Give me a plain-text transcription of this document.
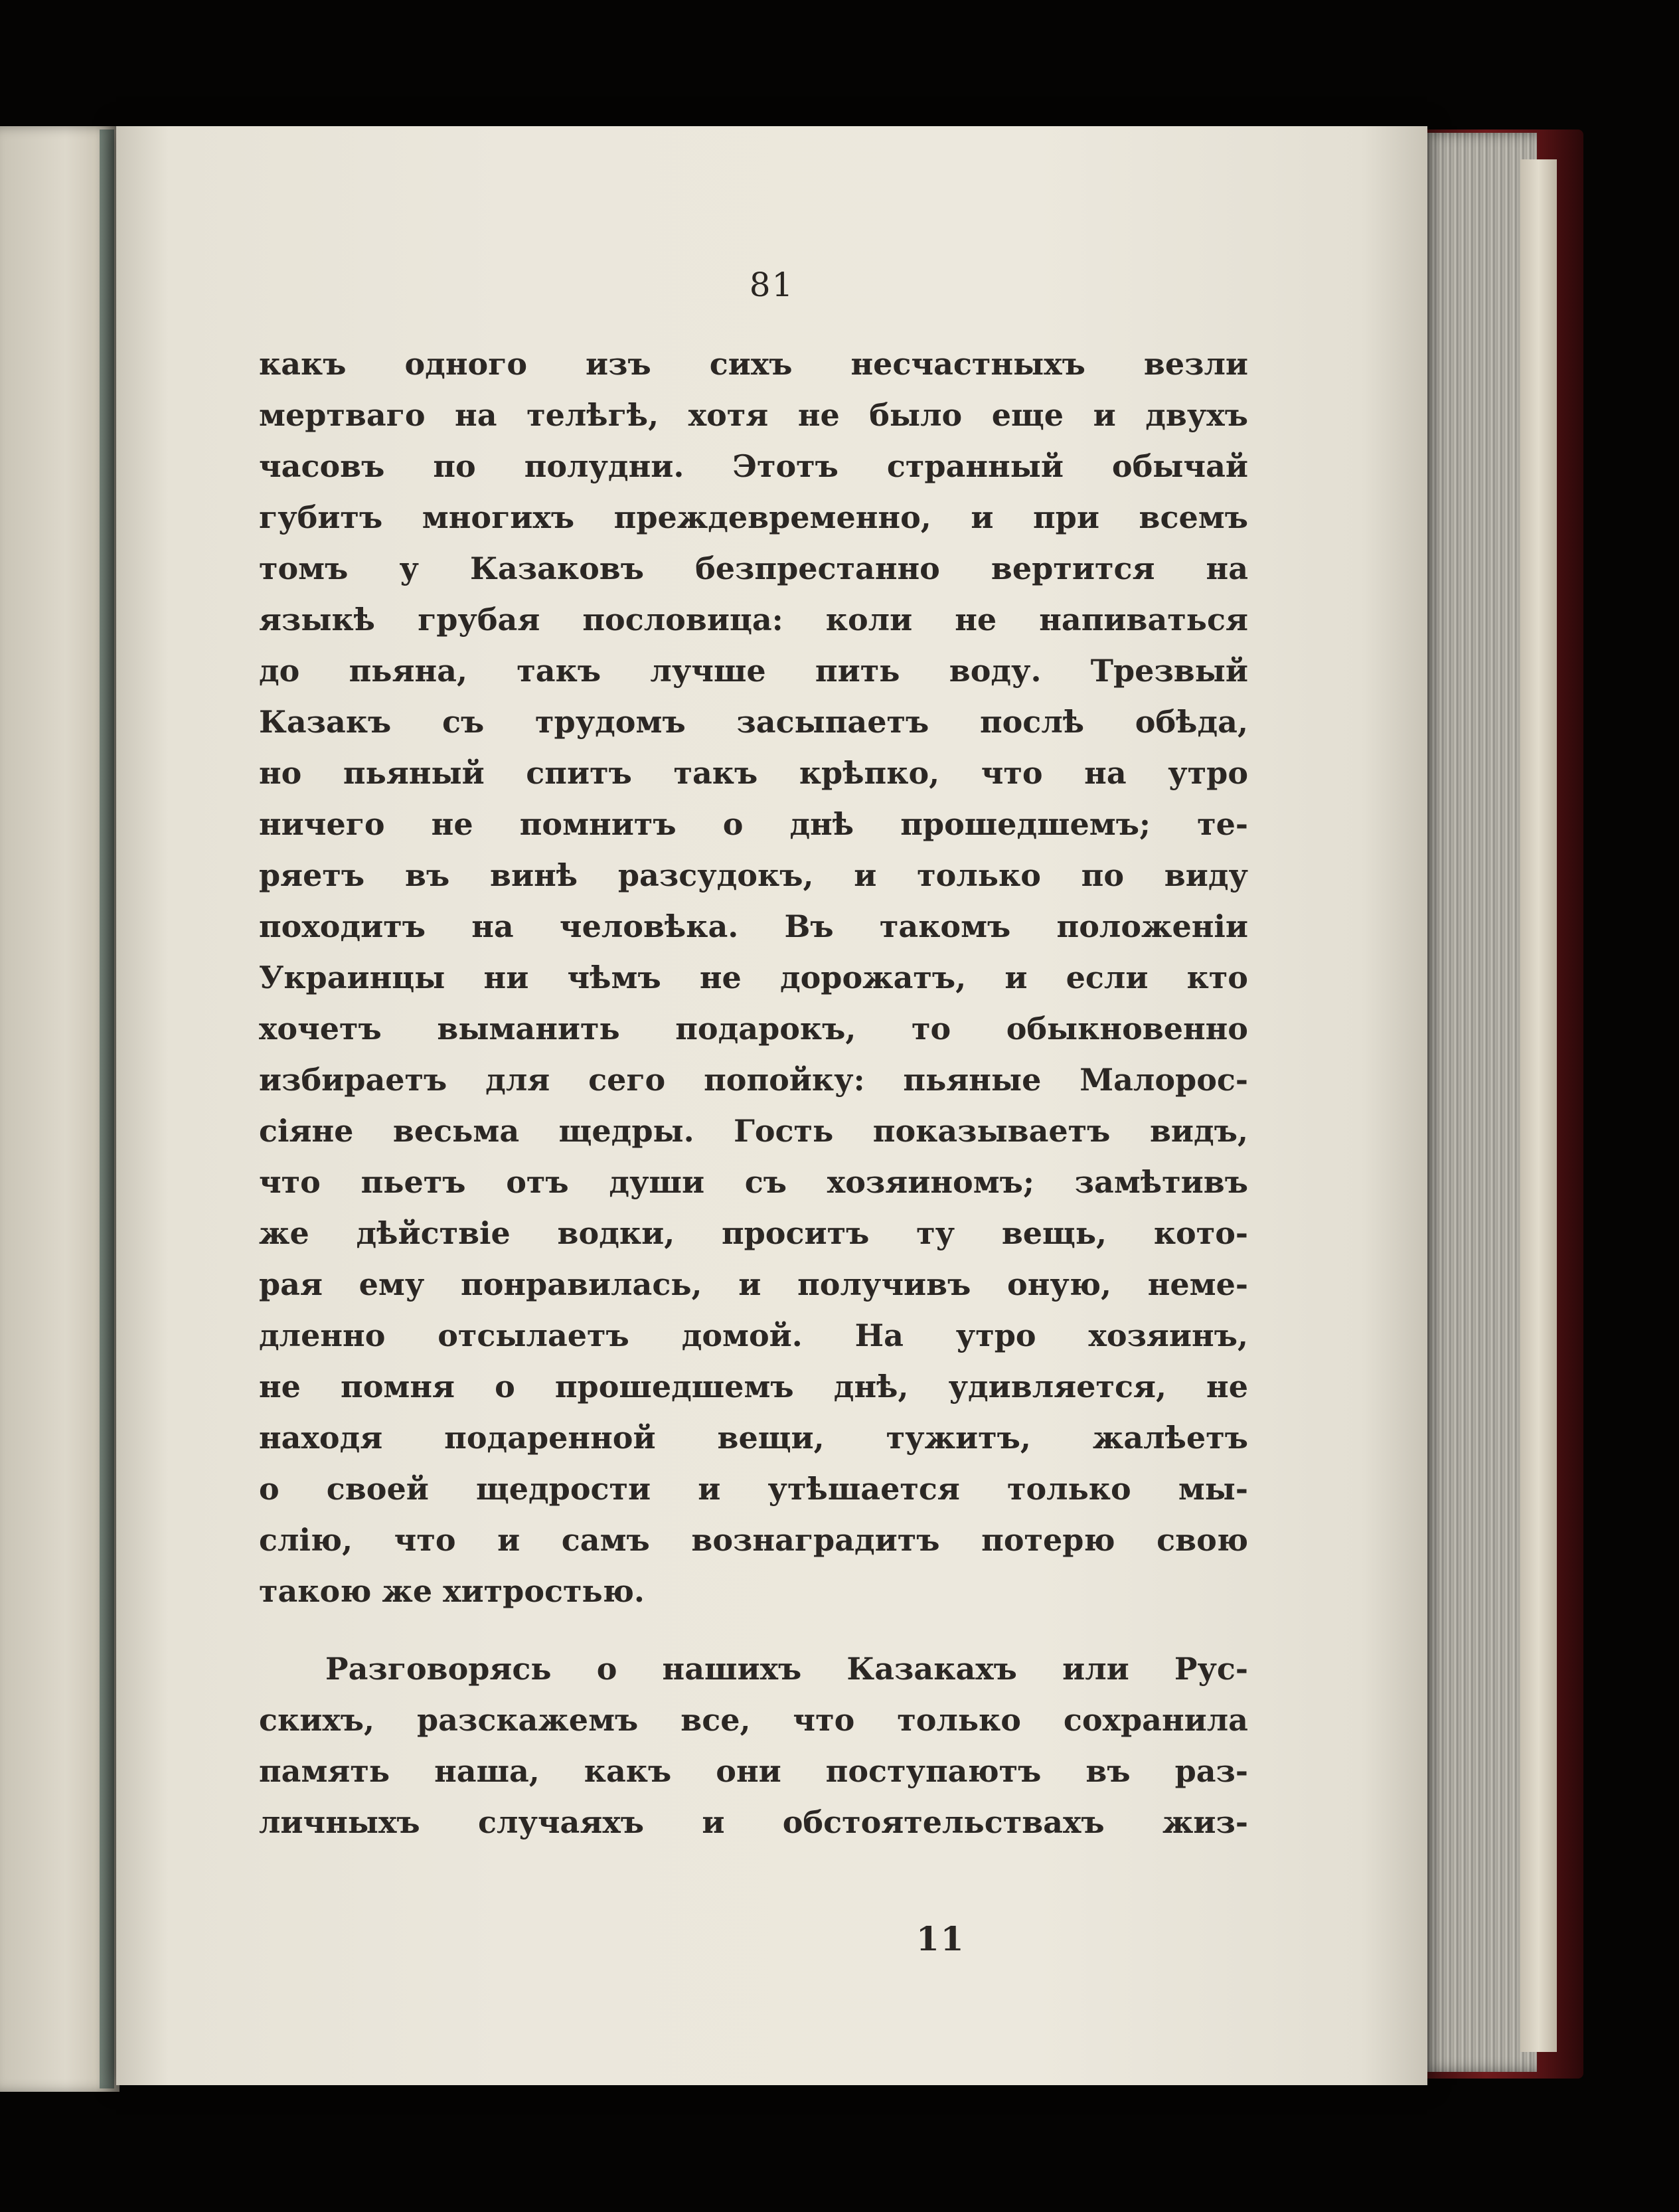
81
какъ одного изъ сихъ несчастныхъ везли
мертваго на телѣгѣ, хотя не было еще и двухъ
часовъ по полудни. Этотъ странный обычай
губитъ многихъ преждевременно, и при всемъ
томъ у Казаковъ безпрестанно вертится на
языкѣ грубая пословица: коли не напиваться
до пьяна, такъ лучше пить воду. Трезвый
Казакъ съ трудомъ засыпаетъ послѣ обѣда,
но пьяный спитъ такъ крѣпко, что на утро
ничего не помнитъ о днѣ прошедшемъ; те-
ряетъ въ винѣ разсудокъ, и только по виду
походитъ на человѣка. Въ такомъ положеніи
Украинцы ни чѣмъ не дорожатъ, и если кто
хочетъ выманить подарокъ, то обыкновенно
избираетъ для сего попойку: пьяные Малорос-
сіяне весьма щедры. Гость показываетъ видъ,
что пьетъ отъ души съ хозяиномъ; замѣтивъ
же дѣйствіе водки, проситъ ту вещь, кото-
рая ему понравилась, и получивъ оную, неме-
дленно отсылаетъ домой. На утро хозяинъ,
не помня о прошедшемъ днѣ, удивляется, не
находя подаренной вещи, тужитъ, жалѣетъ
о своей щедрости и утѣшается только мы-
слію, что и самъ вознаградитъ потерю свою
такою же хитростью.
Разговорясь о нашихъ Казакахъ или Рус-
скихъ, разскажемъ все, что только сохранила
память наша, какъ они поступаютъ въ раз-
личныхъ случаяхъ и обстоятельствахъ жиз-
11
